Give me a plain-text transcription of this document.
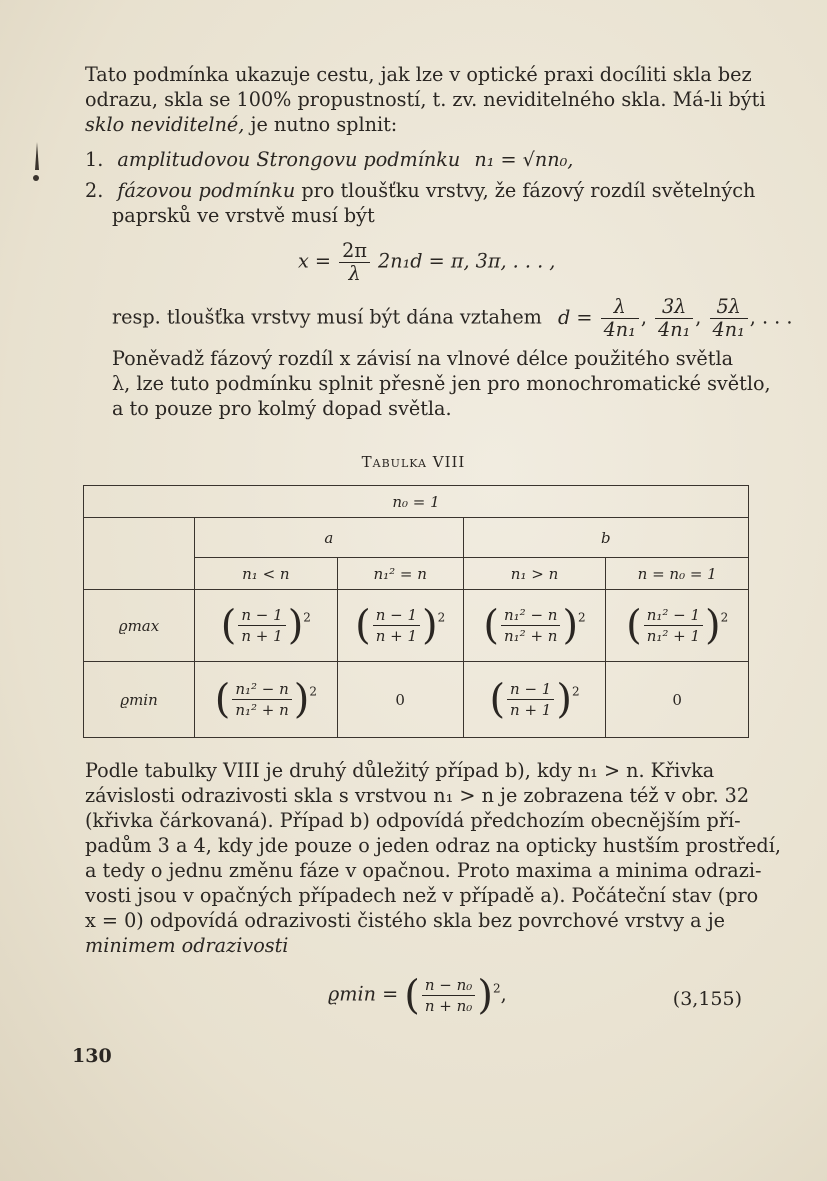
Tato podmínka ukazuje cestu, jak lze v optické praxi docíliti skla bez
odrazu, skla se 100% propustností, t. zv. neviditelného skla. Má-li býti
sklo neviditelné, je nutno splnit:
1. amplitudovou Strongovu podmínku n₁ = √nn₀,
2. fázovou podmínku pro tloušťku vrstvy, že fázový rozdíl světelných
paprsků ve vrstvě musí být
$x = \frac{2\pi}{\lambda} 2n_1d = \pi$, 3π, . . . ,
resp. tloušťka vrstvy musí být dána vztahem $d = \frac{\lambda}{\text{4n₁}}$ , $\frac{3\lambda}{\text{4n₁}}$ , $\frac{5\lambda}{\text{4n₁}}$ , . . .
Poněvadž fázový rozdíl x závisí na vlnové délce použitého světla
λ, lze tuto podmínku splnit přesně jen pro monochromatické světlo,
a to pouze pro kolmý dopad světla.
Tabulka VIII
n₀ = 1				
	a		b	
	n₁ < n	n₁² = n	n₁ > n	n = n₀ = 1
ϱmax	( $\frac{n - 1}{n + 1} )^2$	( $\frac{n - 1}{n + 1} )^2$	( $\frac{\text{n₁² − n}}{\text{n₁² + n}} )^2$	( $\frac{\text{n₁² − 1}}{\text{n₁² + 1}} )^2$
ϱmin	( $\frac{\text{n₁² − n}}{\text{n₁² + n}} )^2$	0	( $\frac{n - 1}{n + 1} )^2$	0
Podle tabulky VIII je druhý důležitý případ b), kdy n₁ > n. Křivka
závislosti odrazivosti skla s vrstvou n₁ > n je zobrazena též v obr. 32
(křivka čárkovaná). Případ b) odpovídá předchozím obecnějším pří-
padům 3 a 4, kdy jde pouze o jeden odraz na opticky hustším prostředí,
a tedy o jednu změnu fáze v opačnou. Proto maxima a minima odrazi-
vosti jsou v opačných případech než v případě a). Počáteční stav (pro
x = 0) odpovídá odrazivosti čistého skla bez povrchové vrstvy a je
minimem odrazivosti
ϱmin = ( $\frac{\text{n − n₀}}{\text{n + n₀}} )^2$,	(3,155)
130
